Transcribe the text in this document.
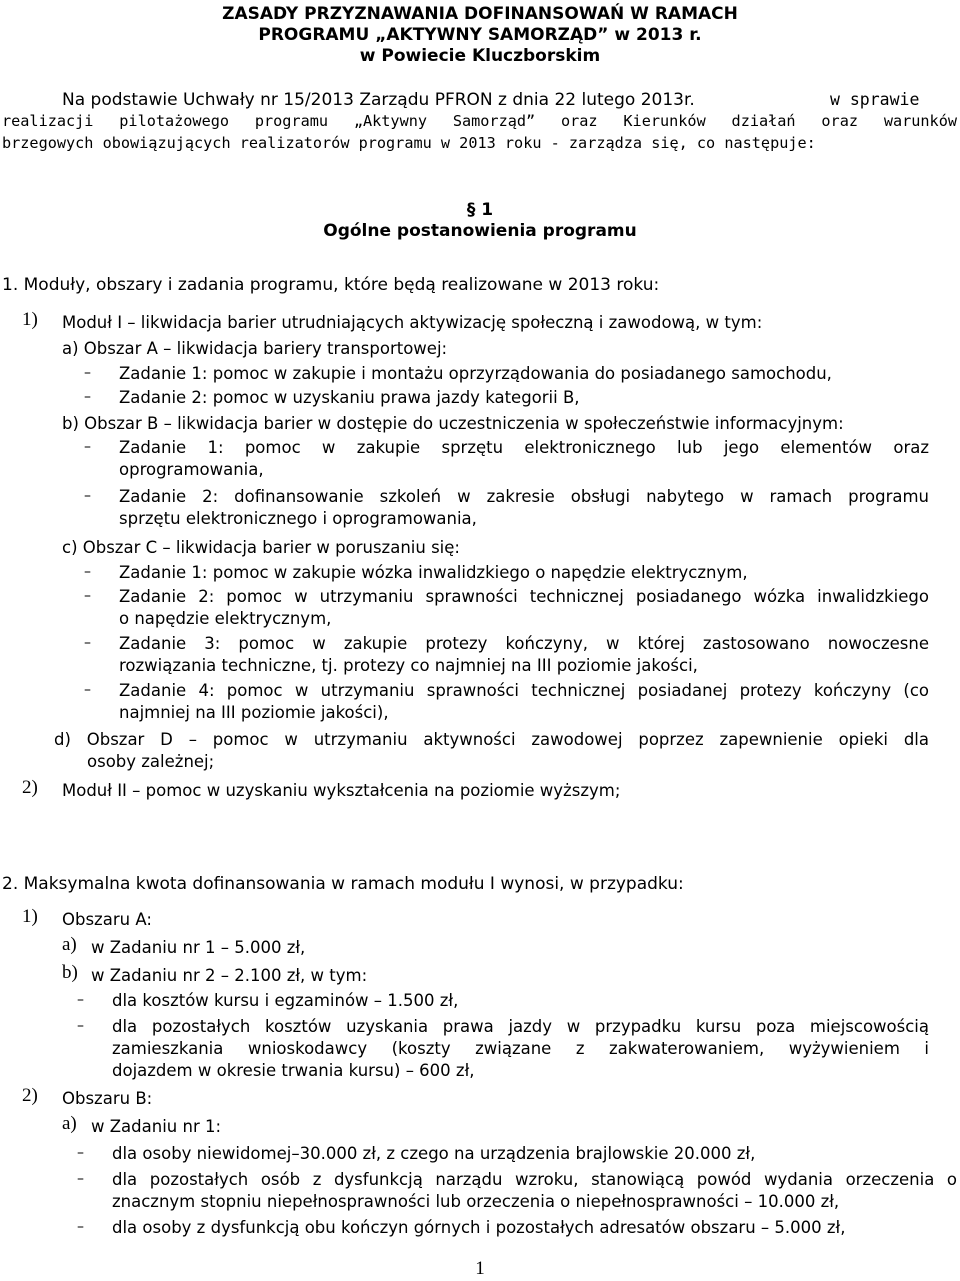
ZASADY PRZYZNAWANIA DOFINANSOWAŃ W RAMACH
PROGRAMU „AKTYWNY SAMORZĄD” w 2013 r.
w Powiecie Kluczborskim
Na podstawie Uchwały nr 15/2013 Zarządu PFRON z dnia 22 lutego 2013r.	w sprawie
realizacji pilotażowego programu „Aktywny Samorząd” oraz Kierunków działań oraz warunków
brzegowych obowiązujących realizatorów programu w 2013 roku - zarządza się, co następuje:
§ 1
Ogólne postanowienia programu
1. Moduły, obszary i zadania programu, które będą realizowane w 2013 roku:
1) Moduł I – likwidacja barier utrudniających aktywizację społeczną i zawodową, w tym:
a) Obszar A – likwidacja bariery transportowej:
– Zadanie 1: pomoc w zakupie i montażu oprzyrządowania do posiadanego samochodu,
– Zadanie 2: pomoc w uzyskaniu prawa jazdy kategorii B,
b) Obszar B – likwidacja barier w dostępie do uczestniczenia w społeczeństwie informacyjnym:
– Zadanie 1: pomoc w zakupie sprzętu elektronicznego lub jego elementów oraz
oprogramowania,
– Zadanie 2: dofinansowanie szkoleń w zakresie obsługi nabytego w ramach programu
sprzętu elektronicznego i oprogramowania,
c) Obszar C – likwidacja barier w poruszaniu się:
– Zadanie 1: pomoc w zakupie wózka inwalidzkiego o napędzie elektrycznym,
– Zadanie 2: pomoc w utrzymaniu sprawności technicznej posiadanego wózka inwalidzkiego
o napędzie elektrycznym,
– Zadanie 3: pomoc w zakupie protezy kończyny, w której zastosowano nowoczesne
rozwiązania techniczne, tj. protezy co najmniej na III poziomie jakości,
– Zadanie 4: pomoc w utrzymaniu sprawności technicznej posiadanej protezy kończyny (co
najmniej na III poziomie jakości),
d) Obszar D – pomoc w utrzymaniu aktywności zawodowej poprzez zapewnienie opieki dla
osoby zależnej;
2) Moduł II – pomoc w uzyskaniu wykształcenia na poziomie wyższym;
2. Maksymalna kwota dofinansowania w ramach modułu I wynosi, w przypadku:
1) Obszaru A:
a) w Zadaniu nr 1 – 5.000 zł,
b) w Zadaniu nr 2 – 2.100 zł, w tym:
– dla kosztów kursu i egzaminów – 1.500 zł,
– dla pozostałych kosztów uzyskania prawa jazdy w przypadku kursu poza miejscowością
zamieszkania wnioskodawcy (koszty związane z zakwaterowaniem, wyżywieniem i
dojazdem w okresie trwania kursu) – 600 zł,
2) Obszaru B:
a) w Zadaniu nr 1:
– dla osoby niewidomej–30.000 zł, z czego na urządzenia brajlowskie 20.000 zł,
– dla pozostałych osób z dysfunkcją narządu wzroku, stanowiącą powód wydania orzeczenia o
znacznym stopniu niepełnosprawności lub orzeczenia o niepełnosprawności – 10.000 zł,
– dla osoby z dysfunkcją obu kończyn górnych i pozostałych adresatów obszaru – 5.000 zł,
1
